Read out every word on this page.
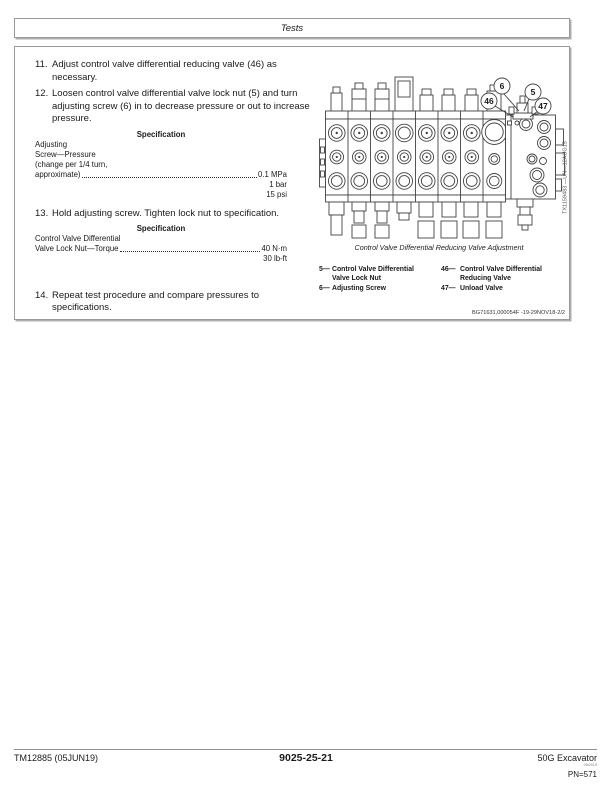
Tests
11. Adjust control valve differential reducing valve (46) as necessary.
12. Loosen control valve differential valve lock nut (5) and turn adjusting screw (6) in to decrease pressure or out to increase pressure.
Specification
Adjusting
Screw—Pressure
(change per 1/4 turn,
approximate)	0.1 MPa
1 bar
15 psi
13. Hold adjusting screw. Tighten lock nut to specification.
Specification
Control Valve Differential
Valve Lock Nut—Torque	40 N·m
30 lb-ft
14. Repeat test procedure and compare pressures to specifications.
6
5
46	47
TX1159483 —UN—12AUG15
Control Valve Differential Reducing Valve Adjustment
5— Control Valve Differential
Valve Lock Nut
6— Adjusting Screw
46— Control Valve Differential
Reducing Valve
47— Unload Valve
BG71631,000054F -19-29NOV18-2/2
TM12885 (05JUN19)	9025-25-21	50G Excavator
060519
PN=571
